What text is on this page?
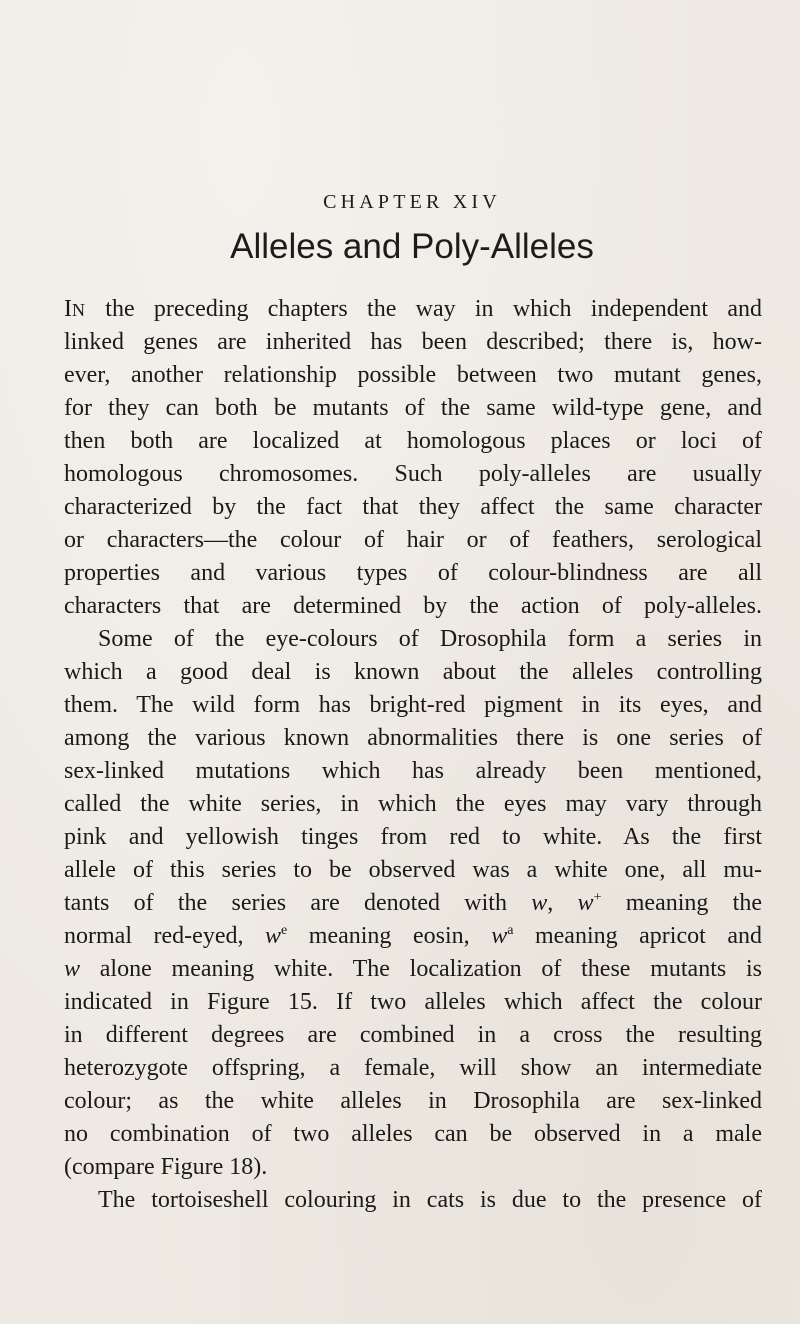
CHAPTER XIV
Alleles and Poly-Alleles
IN the preceding chapters the way in which independent and
linked genes are inherited has been described; there is, how-
ever, another relationship possible between two mutant genes,
for they can both be mutants of the same wild-type gene, and
then both are localized at homologous places or loci of
homologous chromosomes. Such poly-alleles are usually
characterized by the fact that they affect the same character
or characters—the colour of hair or of feathers, serological
properties and various types of colour-blindness are all
characters that are determined by the action of poly-alleles.
Some of the eye-colours of Drosophila form a series in
which a good deal is known about the alleles controlling
them. The wild form has bright-red pigment in its eyes, and
among the various known abnormalities there is one series of
sex-linked mutations which has already been mentioned,
called the white series, in which the eyes may vary through
pink and yellowish tinges from red to white. As the first
allele of this series to be observed was a white one, all mu-
tants of the series are denoted with w, w+ meaning the
normal red-eyed, $w^e$ meaning eosin, $w^a$ meaning apricot and
w alone meaning white. The localization of these mutants is
indicated in Figure 15. If two alleles which affect the colour
in different degrees are combined in a cross the resulting
heterozygote offspring, a female, will show an intermediate
colour; as the white alleles in Drosophila are sex-linked
no combination of two alleles can be observed in a male
(compare Figure 18).
The tortoiseshell colouring in cats is due to the presence of
